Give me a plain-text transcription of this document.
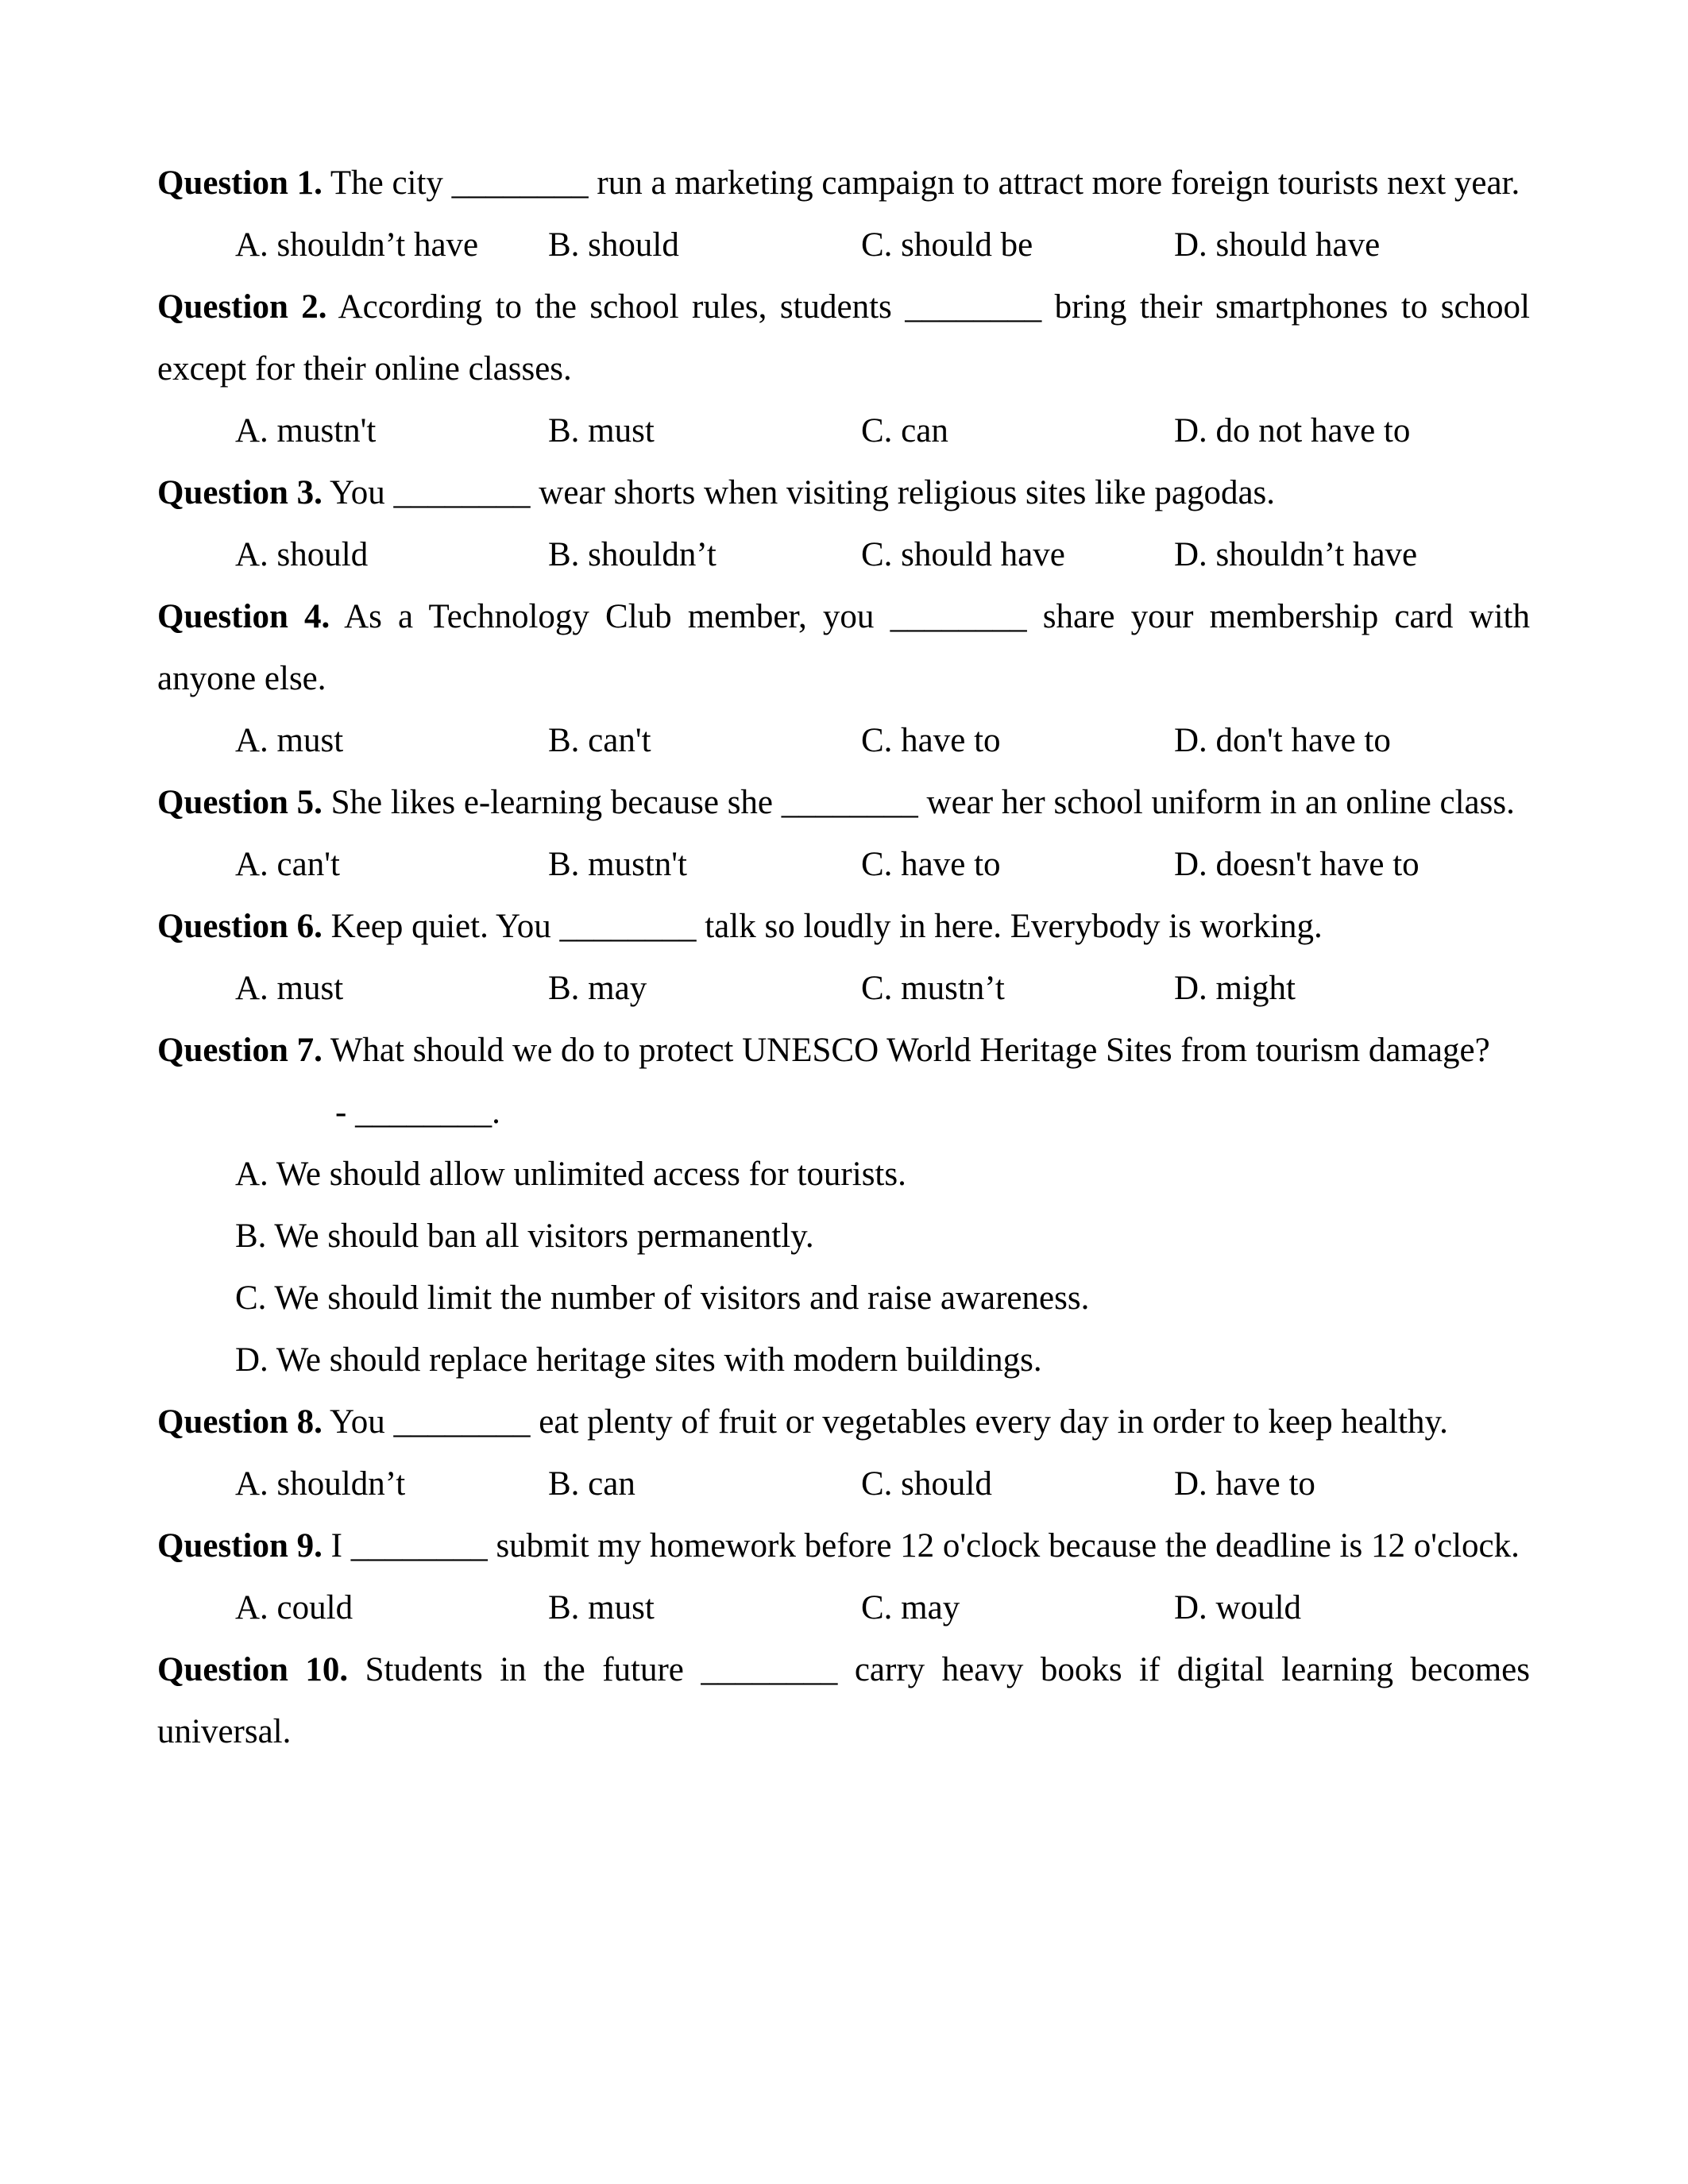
Question 1. The city ________ run a marketing campaign to attract more foreign tourists next year.

A. shouldn’t have	B. should	C. should be	D. should have

Question 2. According to the school rules, students ________ bring their smartphones to school except for their online classes.

A. mustn't	B. must	C. can	D. do not have to

Question 3. You ________ wear shorts when visiting religious sites like pagodas.

A. should	B. shouldn’t	C. should have	D. shouldn’t have

Question 4. As a Technology Club member, you ________ share your membership card with anyone else.

A. must	B. can't	C. have to	D. don't have to

Question 5. She likes e-learning because she ________ wear her school uniform in an online class.

A. can't	B. mustn't	C. have to	D. doesn't have to

Question 6. Keep quiet. You ________ talk so loudly in here. Everybody is working.

A. must	B. may	C. mustn’t	D. might

Question 7. What should we do to protect UNESCO World Heritage Sites from tourism damage?

- ________.

A. We should allow unlimited access for tourists.

B. We should ban all visitors permanently.

C. We should limit the number of visitors and raise awareness.

D. We should replace heritage sites with modern buildings.

Question 8. You ________ eat plenty of fruit or vegetables every day in order to keep healthy.

A. shouldn’t	B. can	C. should	D. have to

Question 9. I ________ submit my homework before 12 o'clock because the deadline is 12 o'clock.

A. could	B. must	C. may	D. would

Question 10. Students in the future ________ carry heavy books if digital learning becomes universal.
